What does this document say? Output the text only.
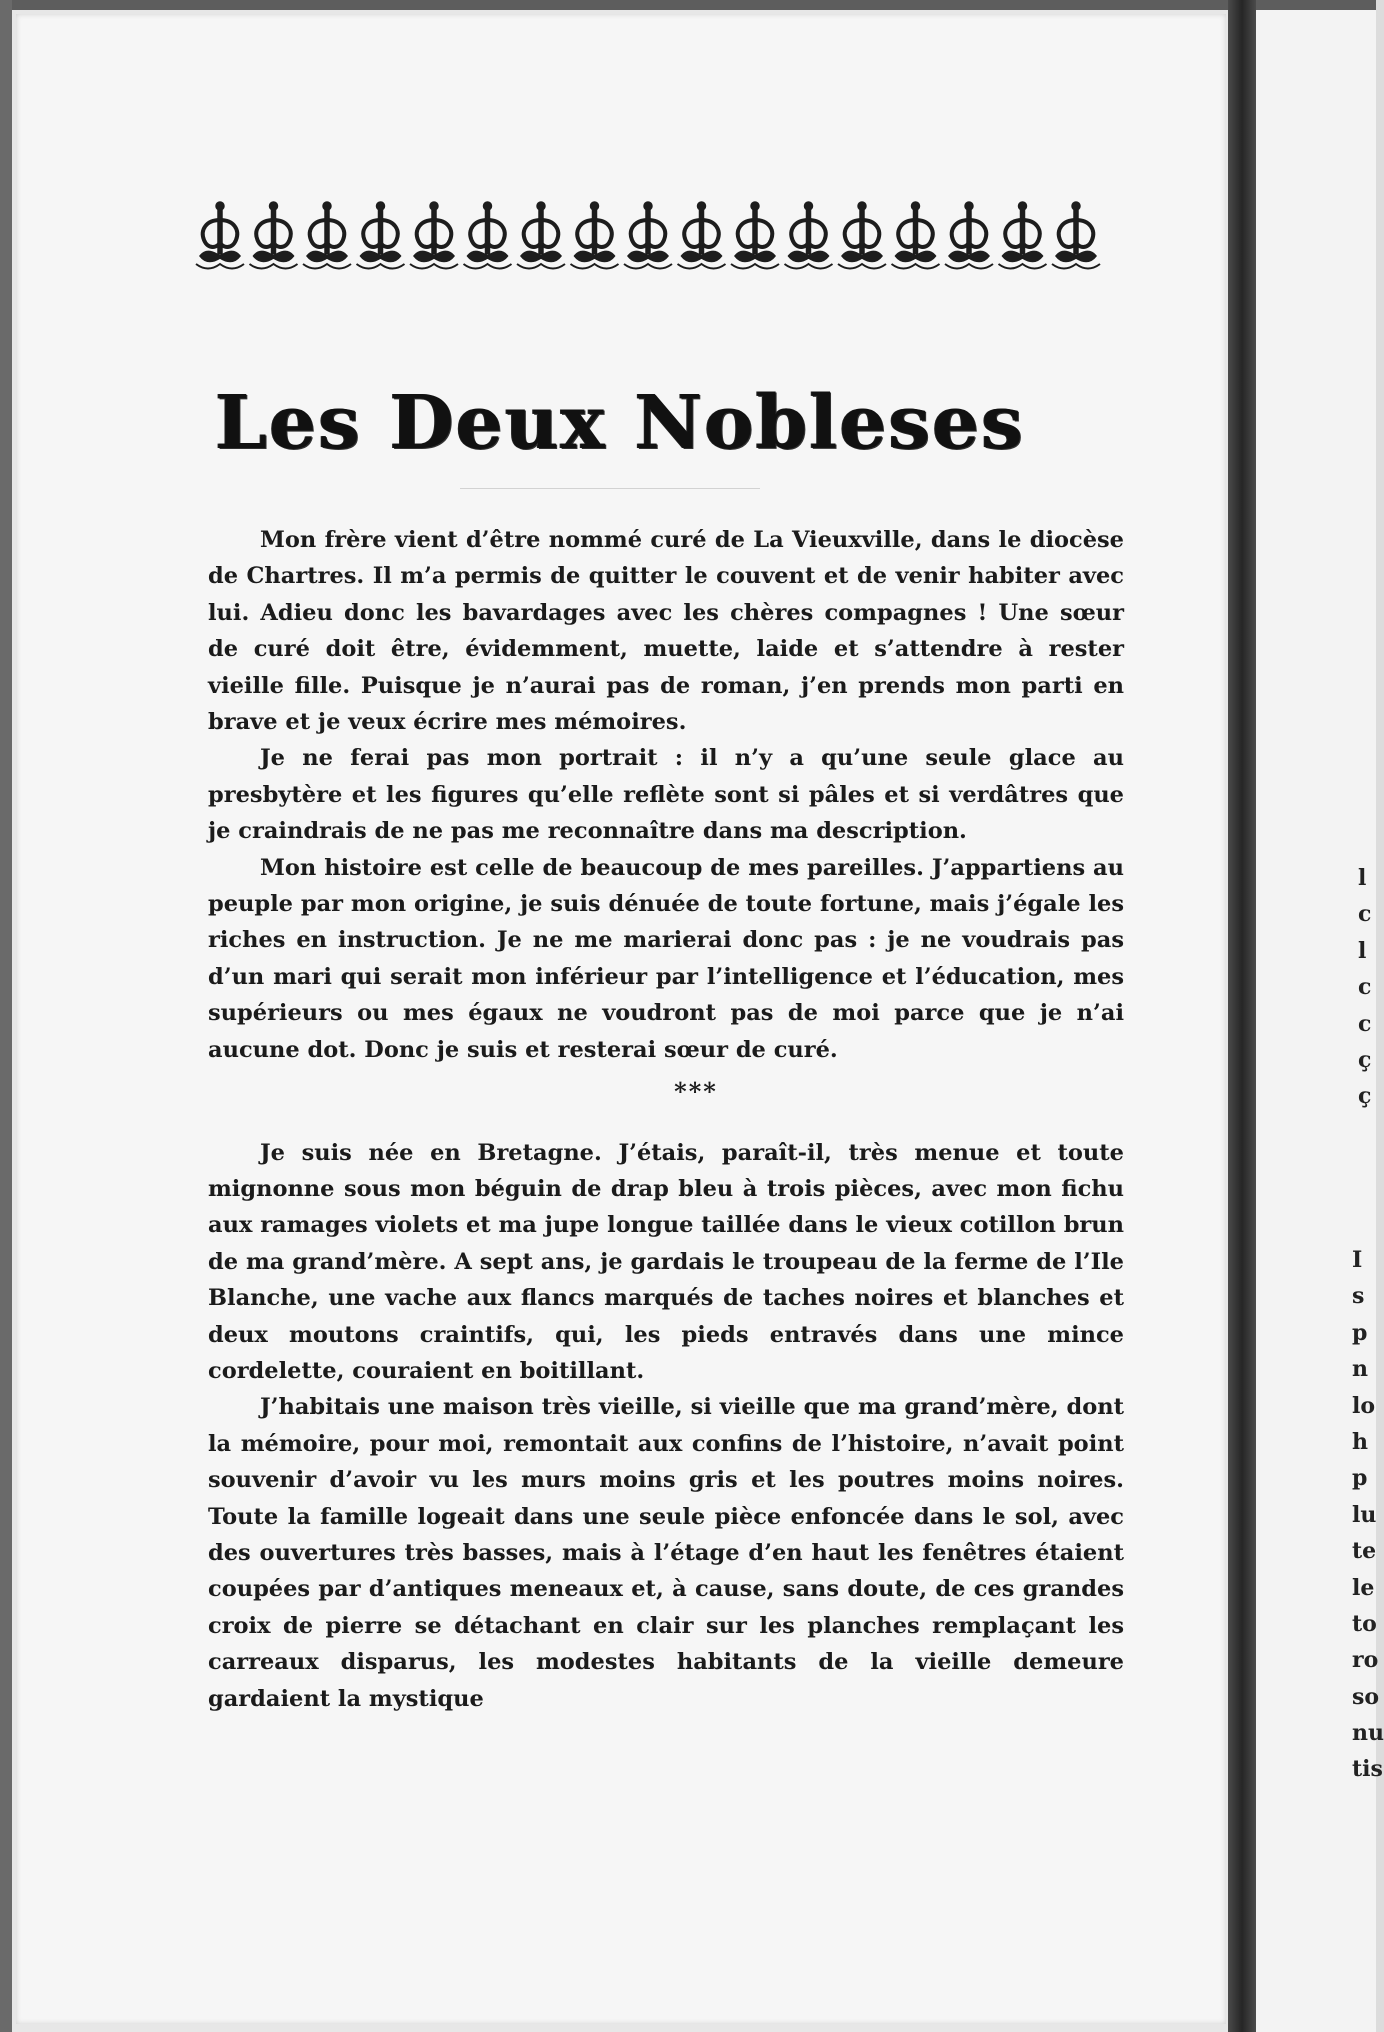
Les Deux Nobleses

Mon frère vient d’être nommé curé de La Vieuxville, dans le diocèse de Chartres. Il m’a permis de quitter le couvent et de venir habiter avec lui. Adieu donc les bavardages avec les chères compagnes ! Une sœur de curé doit être, évidemment, muette, laide et s’attendre à rester vieille fille. Puisque je n’aurai pas de roman, j’en prends mon parti en brave et je veux écrire mes mémoires.

Je ne ferai pas mon portrait : il n’y a qu’une seule glace au presbytère et les figures qu’elle reflète sont si pâles et si verdâtres que je craindrais de ne pas me reconnaître dans ma description.

Mon histoire est celle de beaucoup de mes pareilles. J’appartiens au peuple par mon origine, je suis dénuée de toute fortune, mais j’égale les riches en instruction. Je ne me marierai donc pas : je ne voudrais pas d’un mari qui serait mon inférieur par l’intelligence et l’éducation, mes supérieurs ou mes égaux ne voudront pas de moi parce que je n’ai aucune dot. Donc je suis et resterai sœur de curé.

***

Je suis née en Bretagne. J’étais, paraît-il, très menue et toute mignonne sous mon béguin de drap bleu à trois pièces, avec mon fichu aux ramages violets et ma jupe longue taillée dans le vieux cotillon brun de ma grand’mère. A sept ans, je gardais le troupeau de la ferme de l’Ile Blanche, une vache aux flancs marqués de taches noires et blanches et deux moutons craintifs, qui, les pieds entravés dans une mince cordelette, couraient en boitillant.

J’habitais une maison très vieille, si vieille que ma grand’mère, dont la mémoire, pour moi, remontait aux confins de l’histoire, n’avait point souvenir d’avoir vu les murs moins gris et les poutres moins noires. Toute la famille logeait dans une seule pièce enfoncée dans le sol, avec des ouvertures très basses, mais à l’étage d’en haut les fenêtres étaient coupées par d’antiques meneaux et, à cause, sans doute, de ces grandes croix de pierre se détachant en clair sur les planches remplaçant les carreaux disparus, les modestes habitants de la vieille demeure gardaient la mystique

l
c
l
c
c
ç
ç
I
s
p
n
lo
h
p
lu
te
le
to
ro
so
nu
tis
